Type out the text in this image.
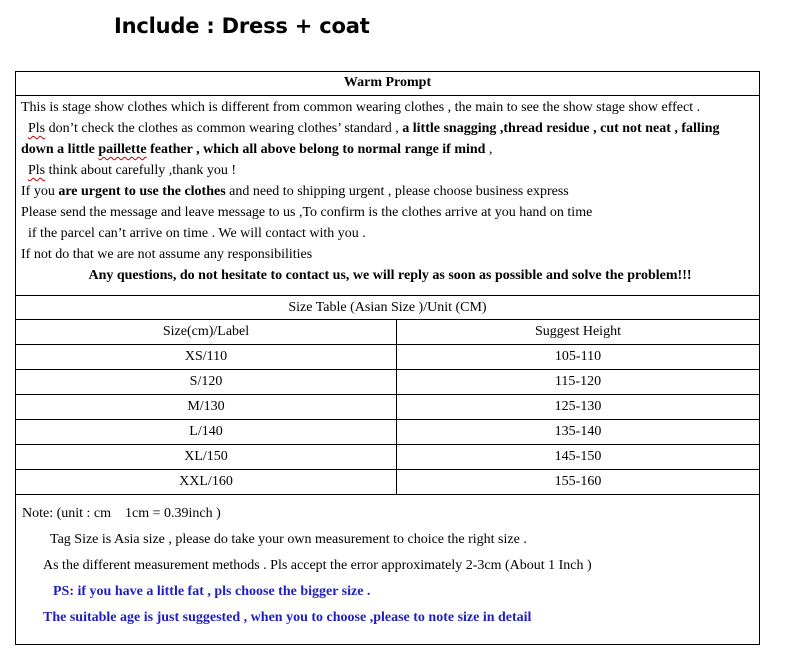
Include : Dress + coat
Warm Prompt
This is stage show clothes which is different from common wearing clothes , the main to see the show stage show effect .
Pls don’t check the clothes as common wearing clothes’ standard , a little snagging ,thread residue , cut not neat , falling
down a little paillette feather , which all above belong to normal range if mind ,
Pls think about carefully ,thank you !
If you are urgent to use the clothes and need to shipping urgent , please choose business express
Please send the message and leave message to us ,To confirm is the clothes arrive at you hand on time
if the parcel can’t arrive on time . We will contact with you .
If not do that we are not assume any responsibilities
Any questions, do not hesitate to contact us, we will reply as soon as possible and solve the problem!!!
Size Table (Asian Size )/Unit (CM)
Size(cm)/Label	Suggest Height
XS/110	105-110
S/120	115-120
M/130	125-130
L/140	135-140
XL/150	145-150
XXL/160	155-160
Note: (unit : cm    1cm = 0.39inch )
Tag Size is Asia size , please do take your own measurement to choice the right size .
As the different measurement methods . Pls accept the error approximately 2-3cm (About 1 Inch )
PS: if you have a little fat , pls choose the bigger size .
The suitable age is just suggested , when you to choose ,please to note size in detail
